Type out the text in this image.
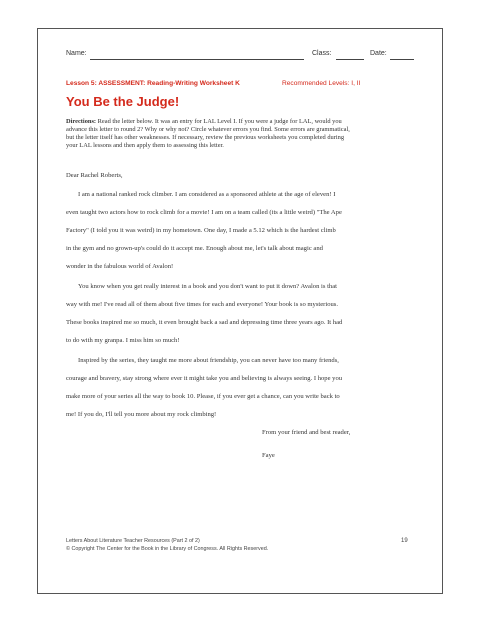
Name:	Class:	Date:
Lesson 5: ASSESSMENT: Reading-Writing Worksheet K	Recommended Levels: I, II
You Be the Judge!
Directions: Read the letter below. It was an entry for LAL Level I. If you were a judge for LAL, would you
advance this letter to round 2? Why or why not? Circle whatever errors you find. Some errors are grammatical,
but the letter itself has other weaknesses. If necessary, review the previous worksheets you completed during
your LAL lessons and then apply them to assessing this letter.
Dear Rachel Roberts,
I am a national ranked rock climber. I am considered as a sponsored athlete at the age of eleven! I
even taught two actors how to rock climb for a movie! I am on a team called (its a little weird) "The Ape
Factory" (I told you it was weird) in my hometown. One day, I made a 5.12 which is the hardest climb
in the gym and no grown-up's could do it accept me. Enough about me, let's talk about magic and
wonder in the fabulous world of Avalon!
You know when you get really interest in a book and you don't want to put it down? Avalon is that
way with me! I've read all of them about five times for each and everyone! Your book is so mysterious.
These books inspired me so much, it even brought back a sad and depressing time three years ago. It had
to do with my granpa. I miss him so much!
Inspired by the series, they taught me more about friendship, you can never have too many friends,
courage and bravery, stay strong where ever it might take you and believing is always seeing. I hope you
make more of your series all the way to book 10. Please, if you ever get a chance, can you write back to
me! If you do, I'll tell you more about my rock climbing!
From your friend and best reader,
Faye
Letters About Literature Teacher Resources (Part 2 of 2)
© Copyright The Center for the Book in the Library of Congress. All Rights Reserved.
19
